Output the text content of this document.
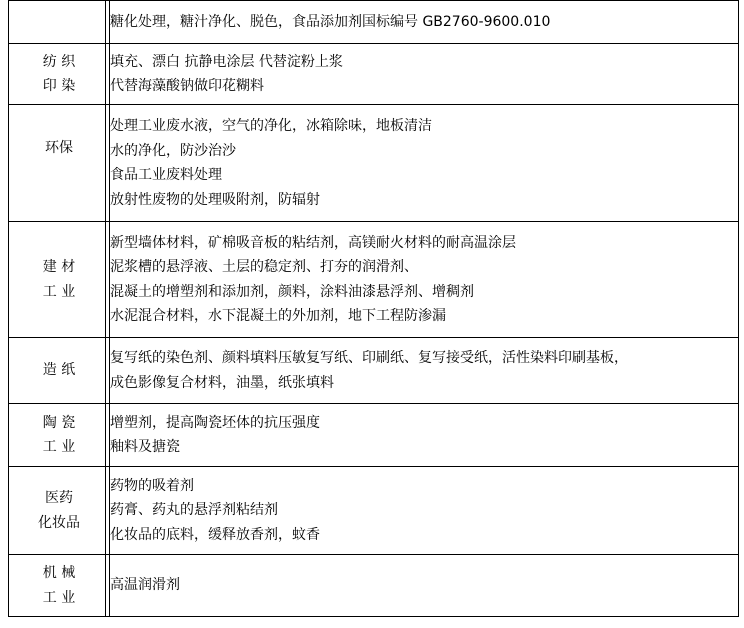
	糖化处理，糖汁净化、脱色，食品添加剂国标编号 GB2760-9600.010

纺 织
印 染	填充、漂白 抗静电涂层 代替淀粉上浆
代替海藻酸钠做印花糊料

环保	处理工业废水液，空气的净化，冰箱除味，地板清洁
水的净化，防沙治沙
食品工业废料处理
放射性废物的处理吸附剂，防辐射

建 材
工 业	新型墙体材料，矿棉吸音板的粘结剂，高镁耐火材料的耐高温涂层
泥浆槽的悬浮液、土层的稳定剂、打夯的润滑剂、
混凝土的增塑剂和添加剂，颜料，涂料油漆悬浮剂、增稠剂
水泥混合材料，水下混凝土的外加剂，地下工程防渗漏

造 纸	复写纸的染色剂、颜料填料压敏复写纸、印刷纸、复写接受纸，活性染料印刷基板，
成色影像复合材料，油墨，纸张填料

陶 瓷
工 业	增塑剂，提高陶瓷坯体的抗压强度
釉料及搪瓷

医药
化妆品	药物的吸着剂
药膏、药丸的悬浮剂粘结剂
化妆品的底料，缓释放香剂，蚊香

机 械
工 业	高温润滑剂
